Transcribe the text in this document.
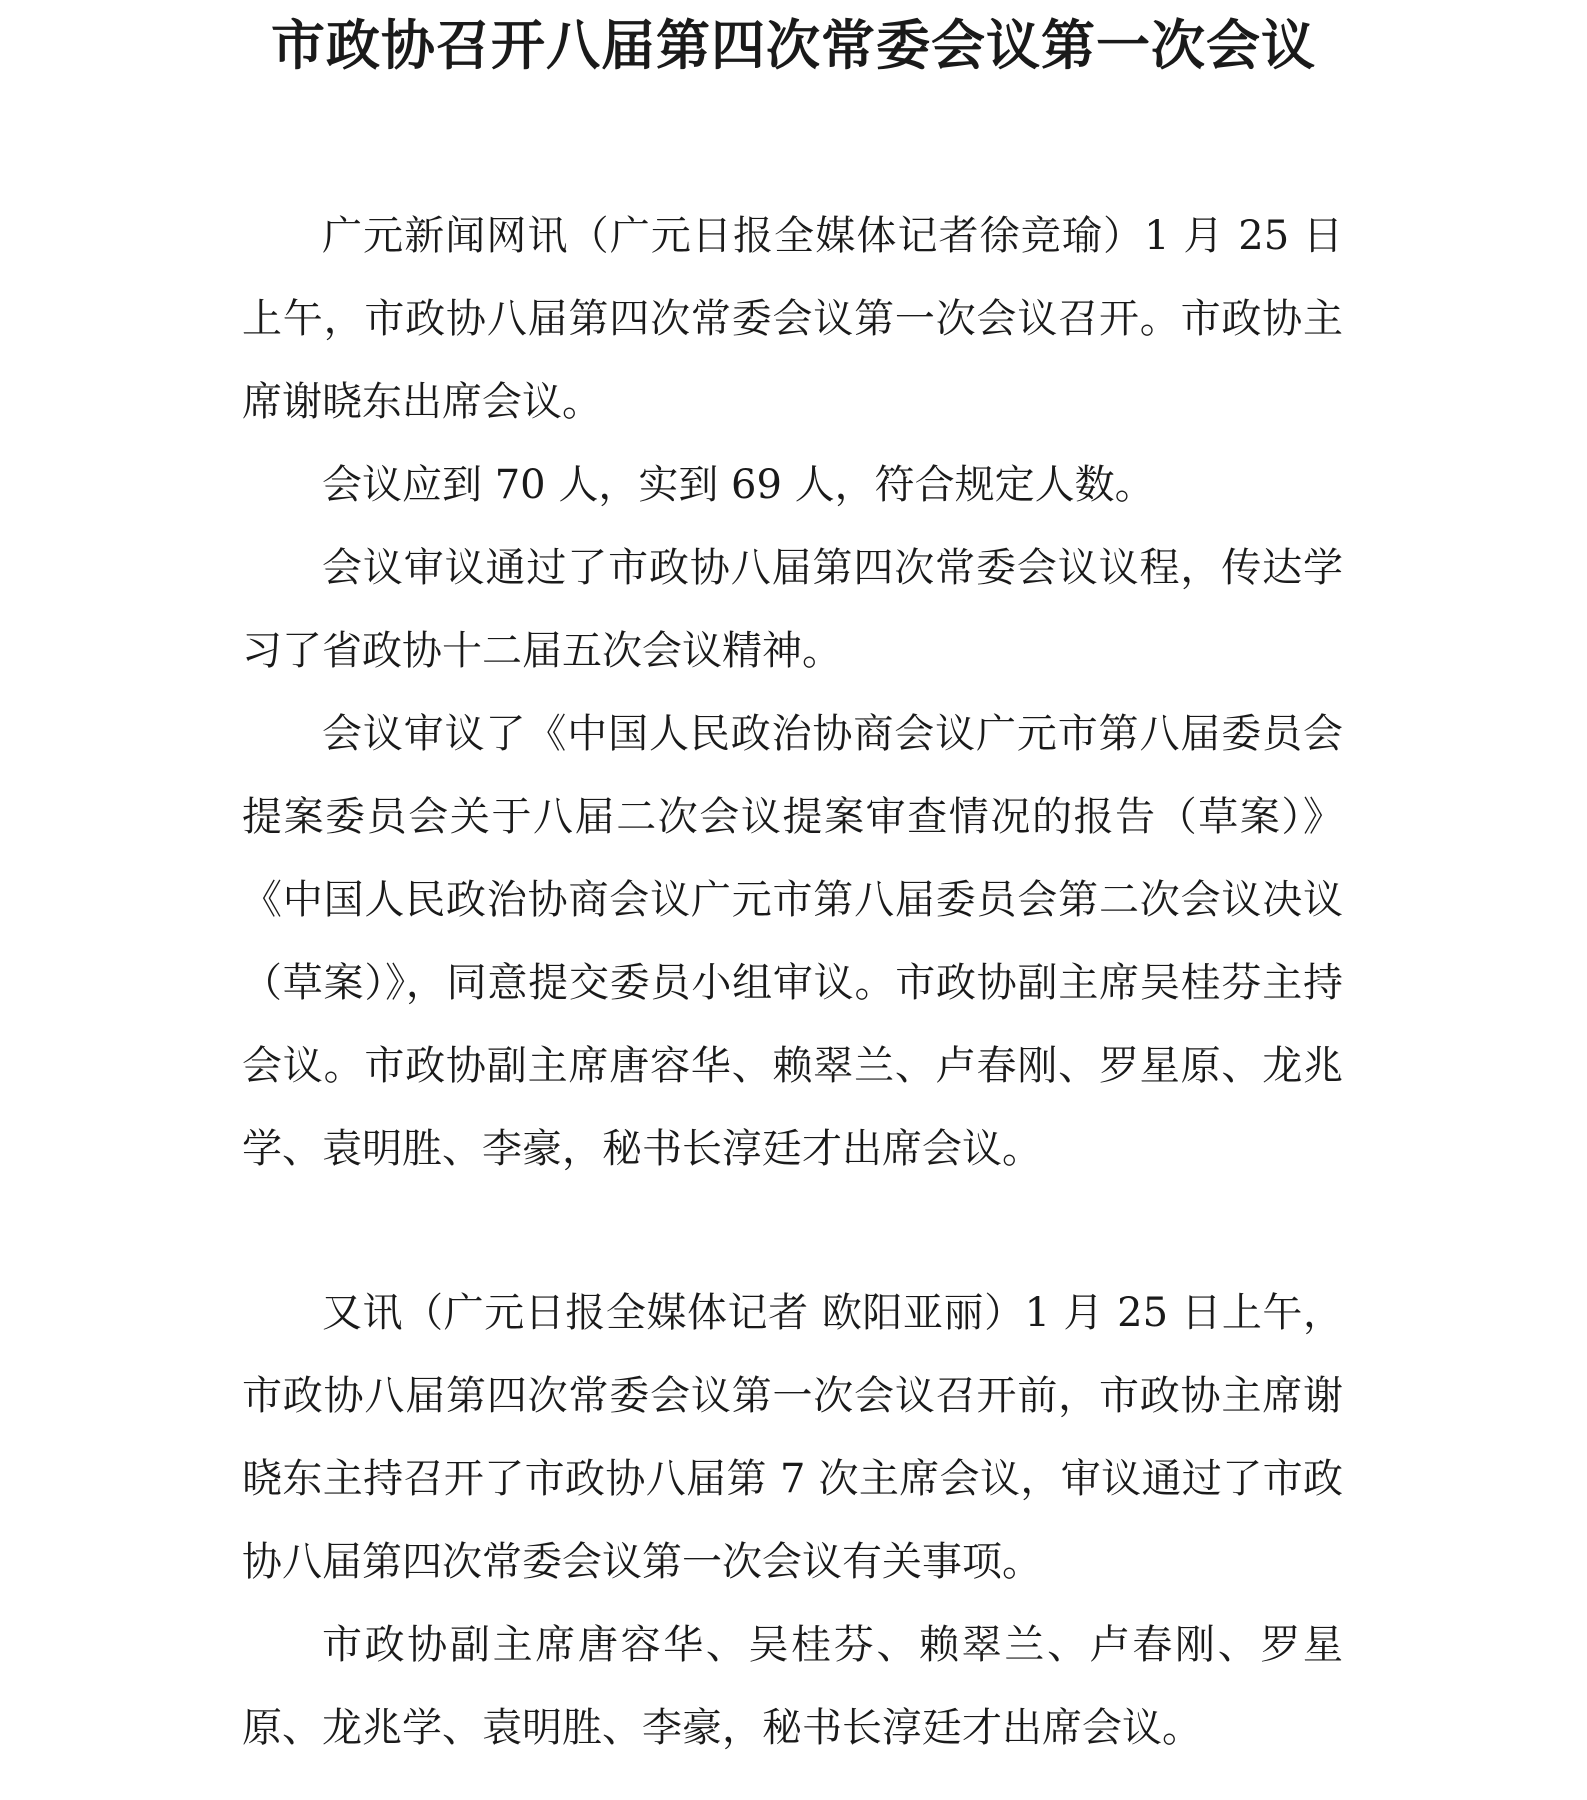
市政协召开八届第四次常委会议第一次会议

广元新闻网讯（广元日报全媒体记者徐竞瑜）1 月 25 日上午，市政协八届第四次常委会议第一次会议召开。市政协主席谢晓东出席会议。

会议应到 70 人，实到 69 人，符合规定人数。

会议审议通过了市政协八届第四次常委会议议程，传达学习了省政协十二届五次会议精神。

会议审议了《中国人民政治协商会议广元市第八届委员会提案委员会关于八届二次会议提案审查情况的报告（草案）》《中国人民政治协商会议广元市第八届委员会第二次会议决议（草案）》，同意提交委员小组审议。市政协副主席吴桂芬主持会议。市政协副主席唐容华、赖翠兰、卢春刚、罗星原、龙兆学、袁明胜、李豪，秘书长淳廷才出席会议。

又讯（广元日报全媒体记者 欧阳亚丽）1 月 25 日上午，市政协八届第四次常委会议第一次会议召开前，市政协主席谢晓东主持召开了市政协八届第 7 次主席会议，审议通过了市政协八届第四次常委会议第一次会议有关事项。

市政协副主席唐容华、吴桂芬、赖翠兰、卢春刚、罗星原、龙兆学、袁明胜、李豪，秘书长淳廷才出席会议。
